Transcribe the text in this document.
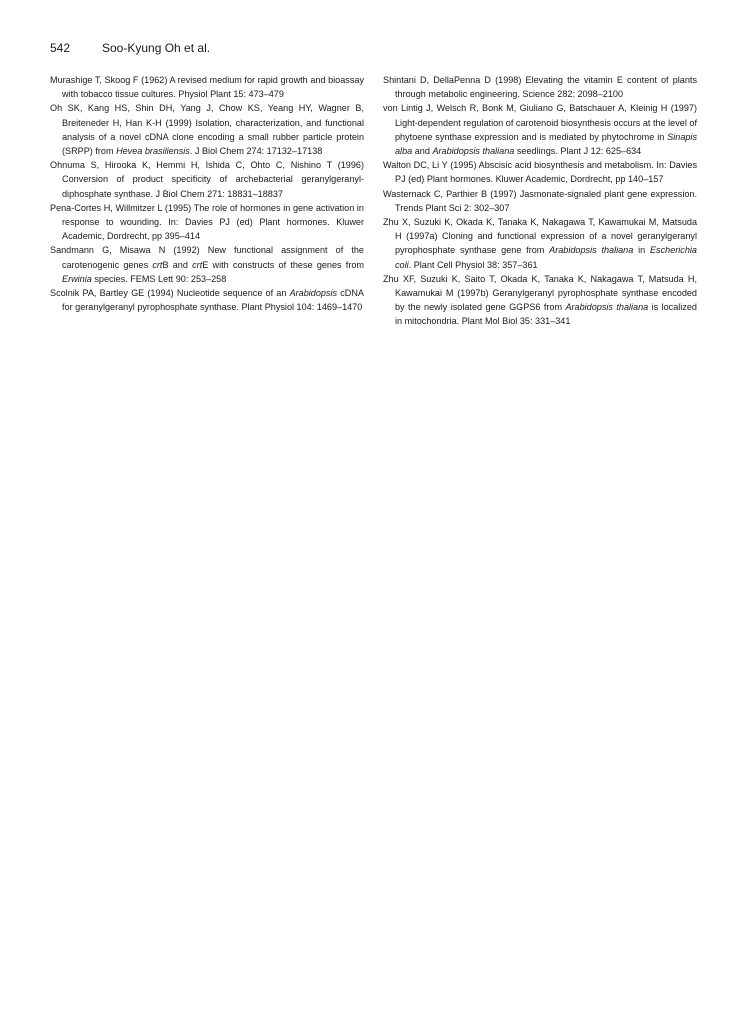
542	Soo-Kyung Oh et al.

Murashige T, Skoog F (1962) A revised medium for rapid growth and bioassay with tobacco tissue cultures. Physiol Plant 15: 473–479

Oh SK, Kang HS, Shin DH, Yang J, Chow KS, Yeang HY, Wagner B, Breiteneder H, Han K-H (1999) Isolation, characterization, and functional analysis of a novel cDNA clone encoding a small rubber particle protein (SRPP) from Hevea brasiliensis. J Biol Chem 274: 17132–17138

Ohnuma S, Hirooka K, Hemmi H, Ishida C, Ohto C, Nishino T (1996) Conversion of product specificity of archebacterial geranylgeranyl-diphosphate synthase. J Biol Chem 271: 18831–18837

Pena-Cortes H, Willmitzer L (1995) The role of hormones in gene activation in response to wounding. In: Davies PJ (ed) Plant hormones. Kluwer Academic, Dordrecht, pp 395–414

Sandmann G, Misawa N (1992) New functional assignment of the carotenogenic genes crtB and crtE with constructs of these genes from Erwinia species. FEMS Lett 90: 253–258

Scolnik PA, Bartley GE (1994) Nucleotide sequence of an Arabidopsis cDNA for geranylgeranyl pyrophosphate synthase. Plant Physiol 104: 1469–1470

Shintani D, DellaPenna D (1998) Elevating the vitamin E content of plants through metabolic engineering. Science 282: 2098–2100

von Lintig J, Welsch R, Bonk M, Giuliano G, Batschauer A, Kleinig H (1997) Light-dependent regulation of carotenoid biosynthesis occurs at the level of phytoene synthase expression and is mediated by phytochrome in Sinapis alba and Arabidopsis thaliana seedlings. Plant J 12: 625–634

Walton DC, Li Y (1995) Abscisic acid biosynthesis and metabolism. In: Davies PJ (ed) Plant hormones. Kluwer Academic, Dordrecht, pp 140–157

Wasternack C, Parthier B (1997) Jasmonate-signaled plant gene expression. Trends Plant Sci 2: 302–307

Zhu X, Suzuki K, Okada K, Tanaka K, Nakagawa T, Kawamukai M, Matsuda H (1997a) Cloning and functional expression of a novel geranylgeranyl pyrophosphate synthase gene from Arabidopsis thaliana in Escherichia coli. Plant Cell Physiol 38: 357–361

Zhu XF, Suzuki K, Saito T, Okada K, Tanaka K, Nakagawa T, Matsuda H, Kawamukai M (1997b) Geranylgeranyl pyrophosphate synthase encoded by the newly isolated gene GGPS6 from Arabidopsis thaliana is localized in mitochondria. Plant Mol Biol 35: 331–341
